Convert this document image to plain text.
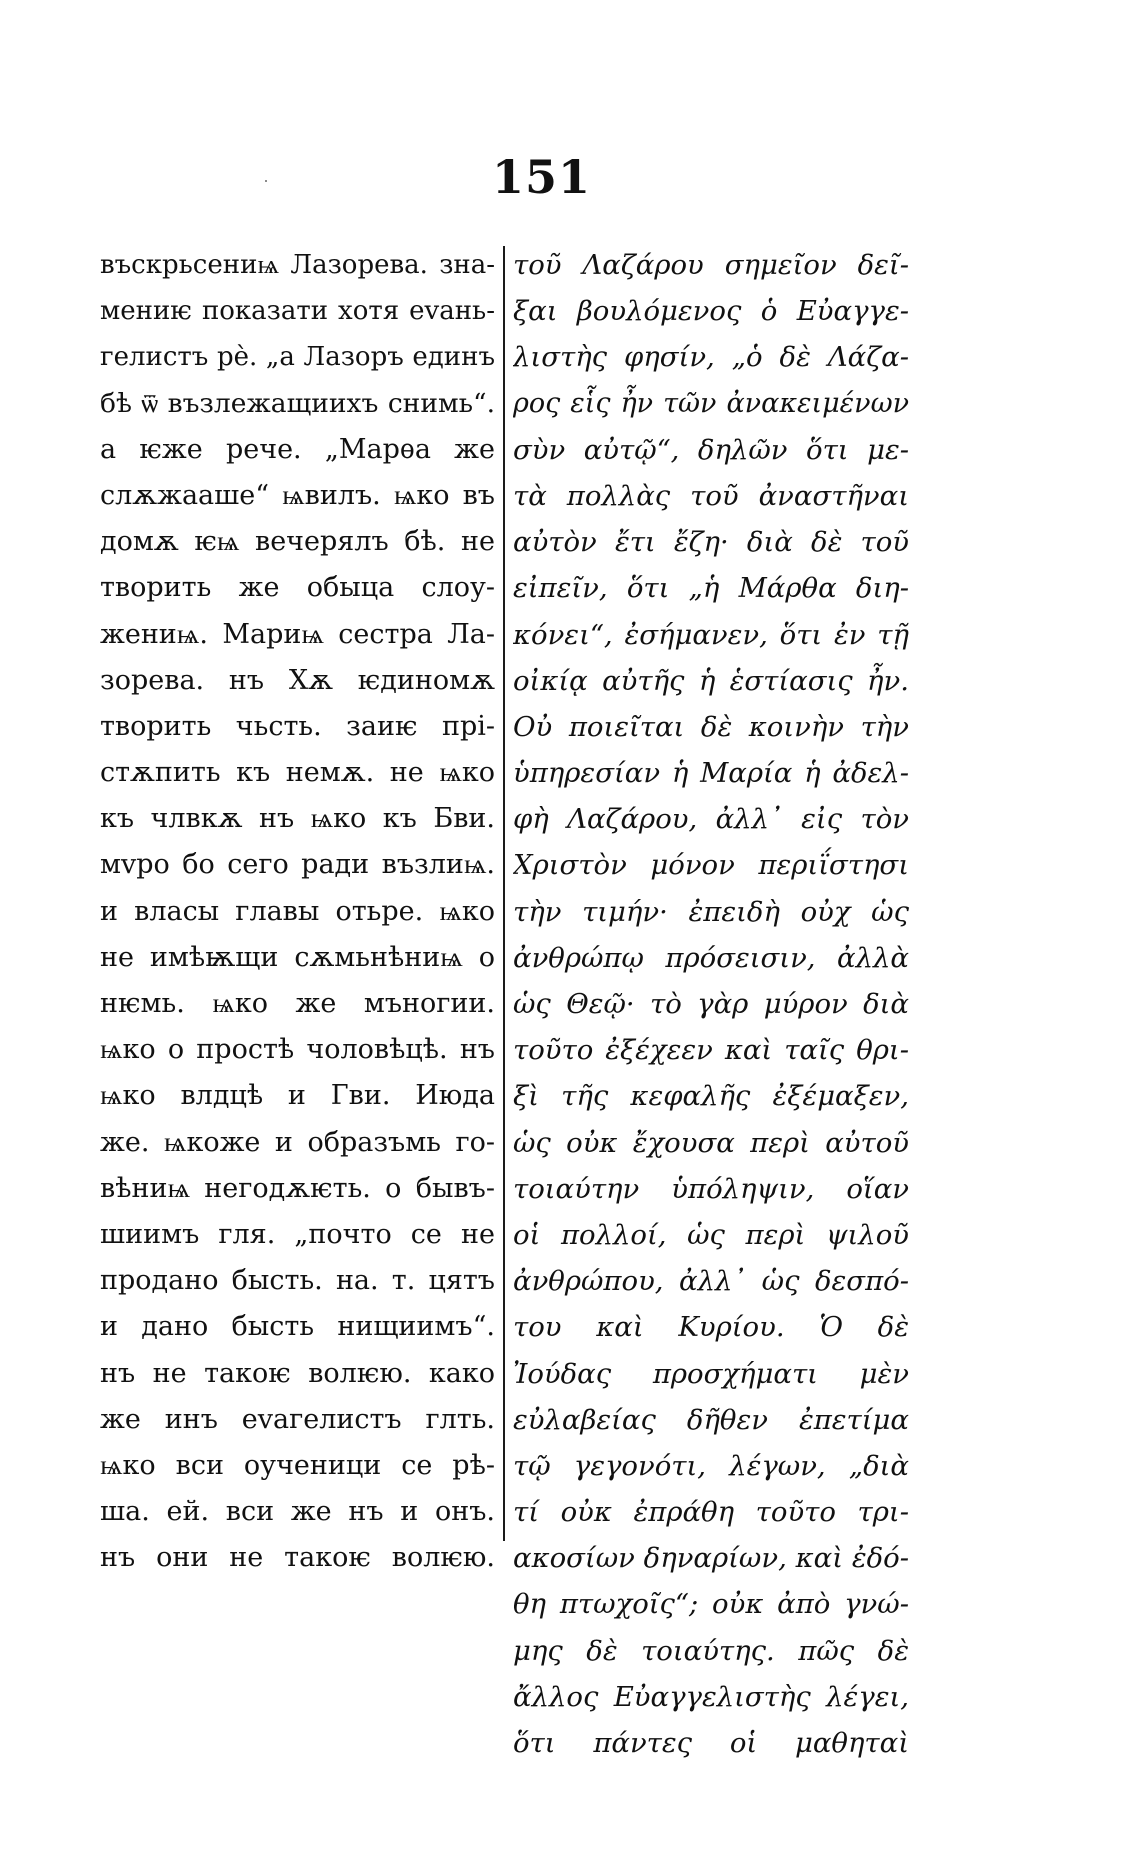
151
въскрьсениѩ Лазорева. зна-
мениѥ показати хотя еvань-
гелистъ рѐ. „а Лазоръ единъ
бѣ ѿ възлежащиихъ снимь“.
а ѥже рече. „Марѳа же
слѫжааше“ ѩвилъ. ѩко въ
домѫ ѥѩ вечерялъ бѣ. не
творить же обыца слоу-
жениѩ. Мариѩ сестра Ла-
зорева. нъ Хѫ ѥдиномѫ
творить чьсть. заиѥ прі-
стѫпить къ немѫ. не ѩко
къ члвкѫ нъ ѩко къ Бви.
мvро бо сего ради възлиѩ.
и власы главы отьре. ѩко
не имѣѭщи сѫмьнѣниѩ о
нѥмь. ѩко же мъногии.
ѩко о простѣ чоловѣцѣ. нъ
ѩко влдцѣ и Гви. Июда
же. ѩкоже и образъмь го-
вѣниѩ негодѫѥть. о бывъ-
шиимъ гля. „почто се не
продано бысть. на. т. цятъ
и дано бысть нищиимъ“.
нъ не такоѥ волѥю. како
же инъ еvагелистъ глть.
ѩко вси оученици се рѣ-
ша. ей. вси же нъ и онъ.
нъ они не такоѥ волѥю.
τοῦ Λαζάρου σημεῖον δεῖ-
ξαι βουλόμενος ὁ Εὐαγγε-
λιστὴς φησίν, „ὁ δὲ Λάζα-
ρος εἷς ἦν τῶν ἀνακειμένων
σὺν αὐτῷ“, δηλῶν ὅτι με-
τὰ πολλὰς τοῦ ἀναστῆναι
αὐτὸν ἔτι ἔζη· διὰ δὲ τοῦ
εἰπεῖν, ὅτι „ἡ Μάρθα διη-
κόνει“, ἐσήμανεν, ὅτι ἐν τῇ
οἰκίᾳ αὐτῆς ἡ ἑστίασις ἦν.
Οὐ ποιεῖται δὲ κοινὴν τὴν
ὑπηρεσίαν ἡ Μαρία ἡ ἀδελ-
φὴ Λαζάρου, ἀλλ᾽ εἰς τὸν
Χριστὸν μόνον περιΐστησι
τὴν τιμήν· ἐπειδὴ οὐχ ὡς
ἀνθρώπῳ πρόσεισιν, ἀλλὰ
ὡς Θεῷ· τὸ γὰρ μύρον διὰ
τοῦτο ἐξέχεεν καὶ ταῖς θρι-
ξὶ τῆς κεφαλῆς ἐξέμαξεν,
ὡς οὐκ ἔχουσα περὶ αὐτοῦ
τοιαύτην ὑπόληψιν, οἵαν
οἱ πολλοί, ὡς περὶ ψιλοῦ
ἀνθρώπου, ἀλλ᾽ ὡς δεσπό-
του καὶ Κυρίου. Ὁ δὲ
Ἰούδας προσχήματι μὲν
εὐλαβείας δῆθεν ἐπετίμα
τῷ γεγονότι, λέγων, „διὰ
τί οὐκ ἐπράθη τοῦτο τρι-
ακοσίων δηναρίων, καὶ ἐδό-
θη πτωχοῖς“; οὐκ ἀπὸ γνώ-
μης δὲ τοιαύτης. πῶς δὲ
ἄλλος Εὐαγγελιστὴς λέγει,
ὅτι πάντες οἱ μαθηταὶ
